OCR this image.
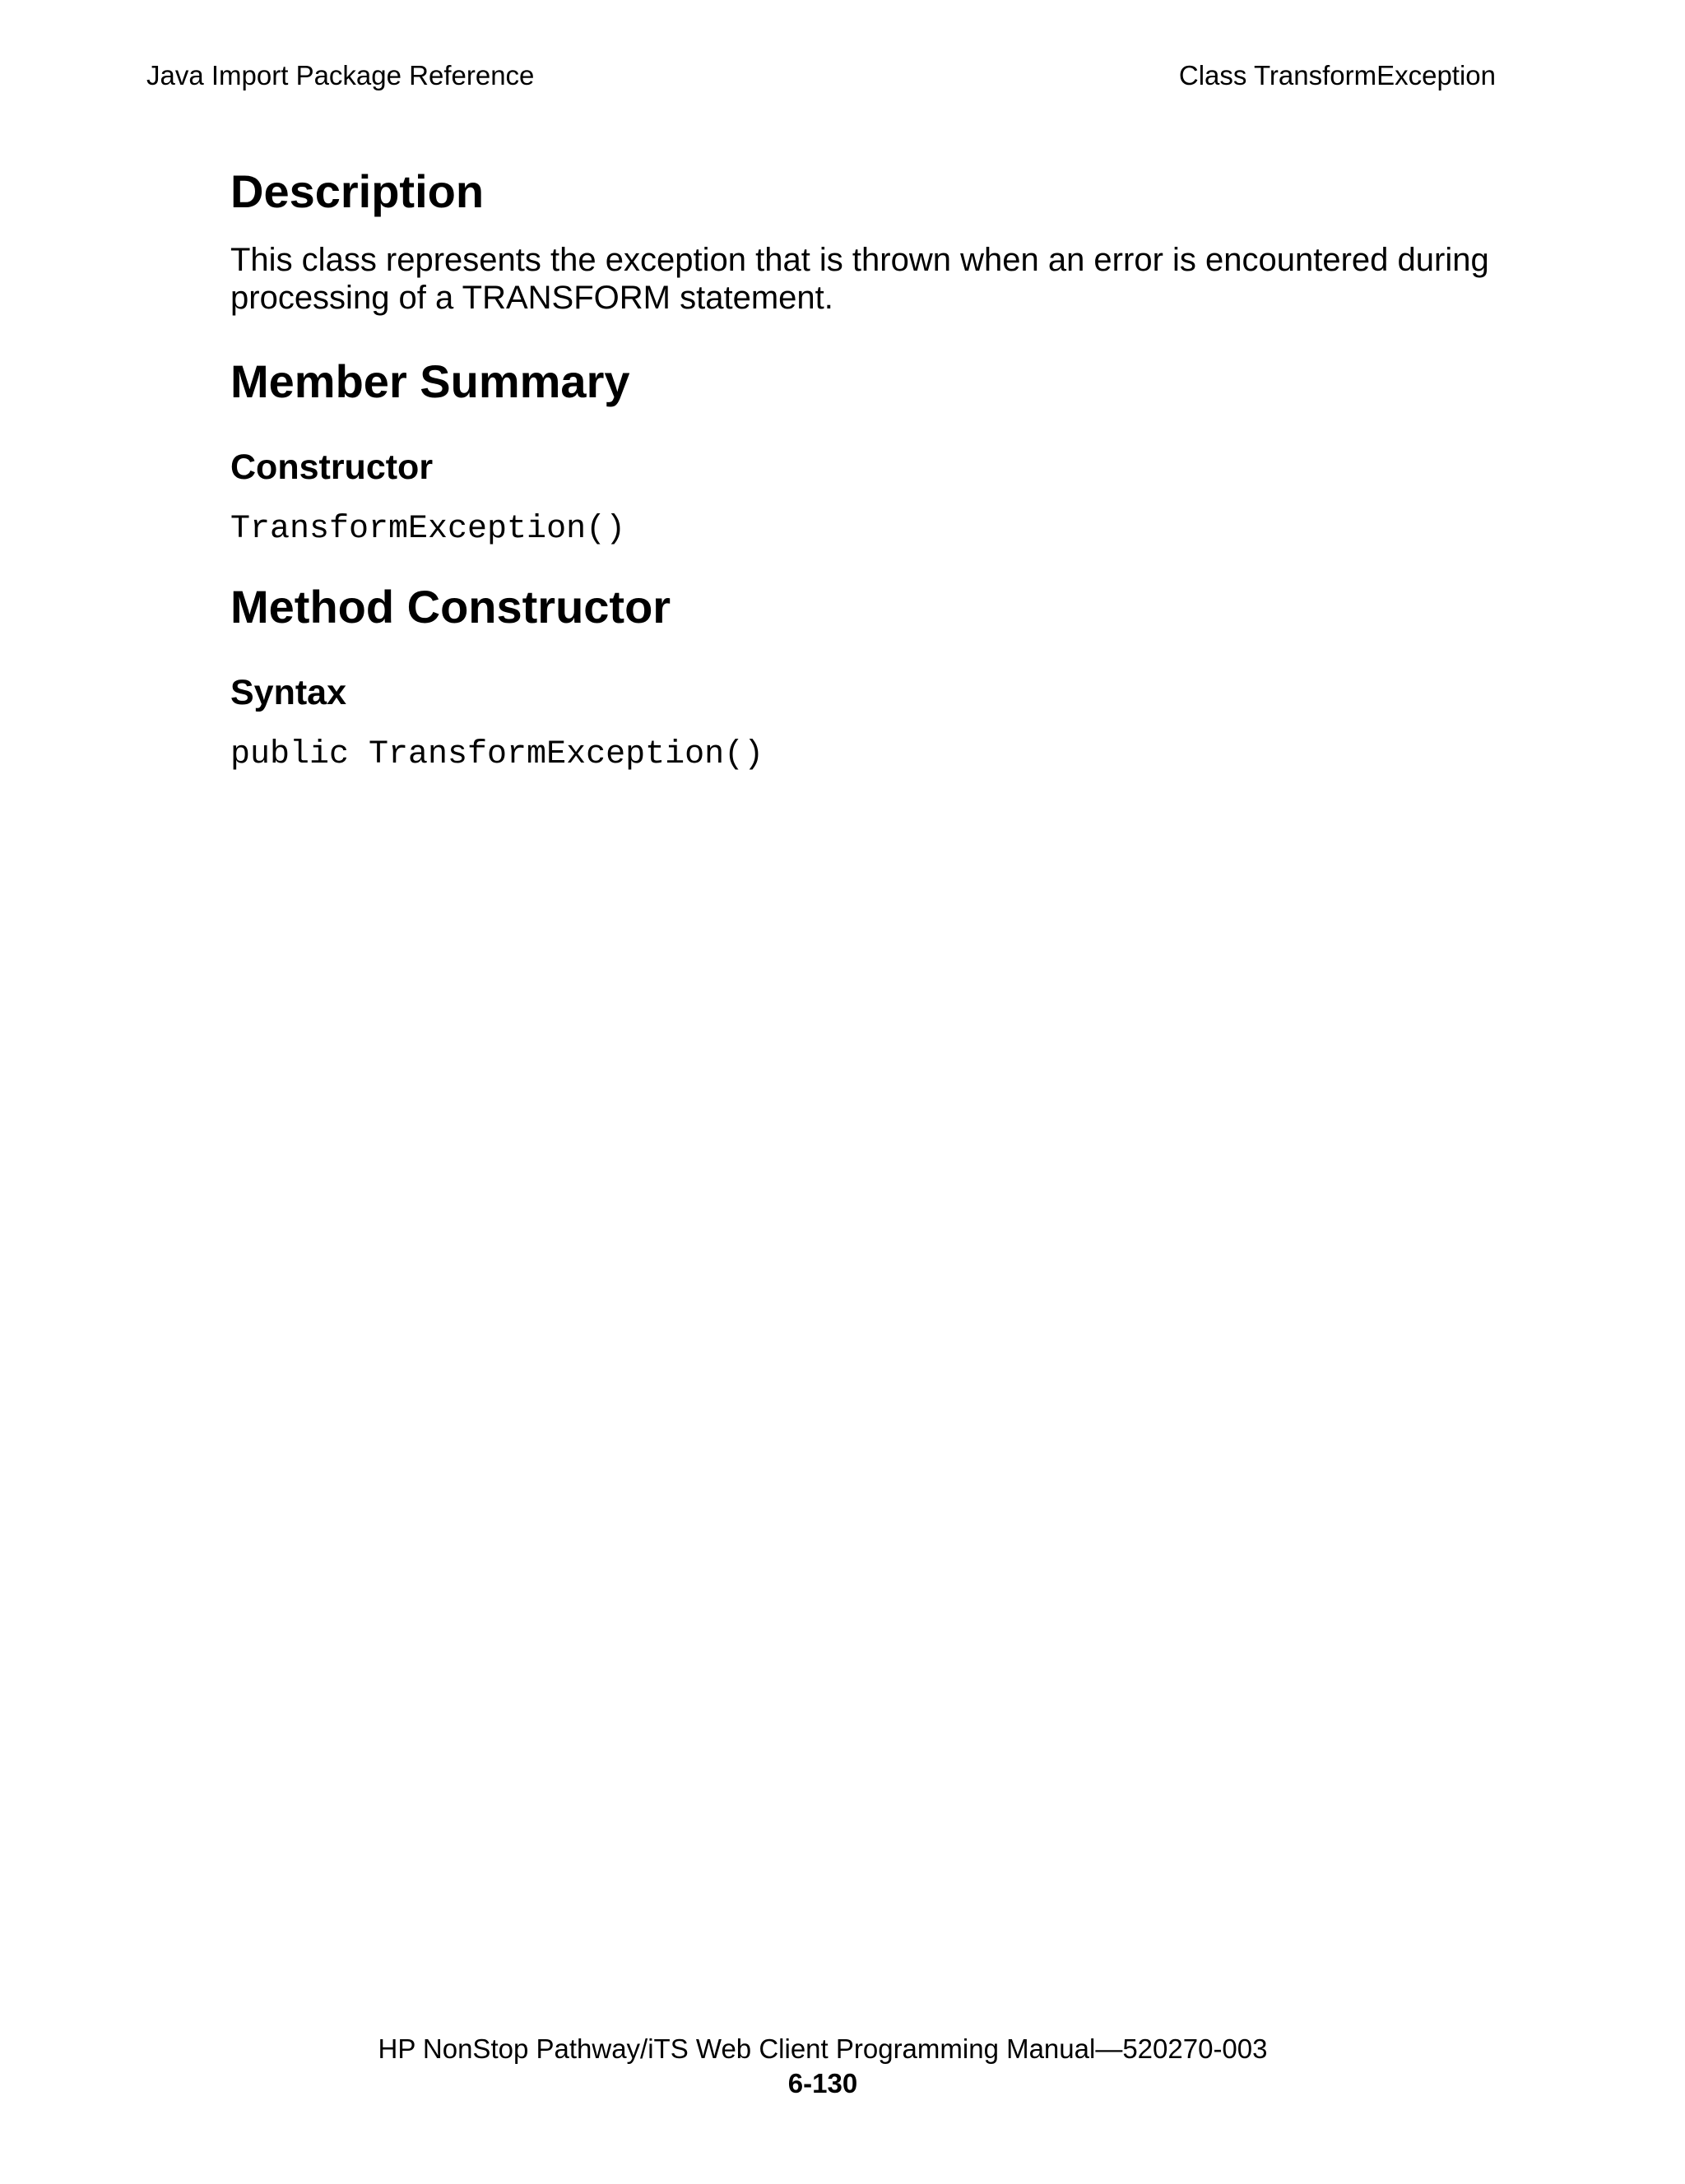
Java Import Package Reference	Class TransformException
Description

This class represents the exception that is thrown when an error is encountered during processing of a TRANSFORM statement.

Member Summary
Constructor
TransformException()
Method Constructor
Syntax
public TransformException()
HP NonStop Pathway/iTS Web Client Programming Manual—520270-003
6-130
